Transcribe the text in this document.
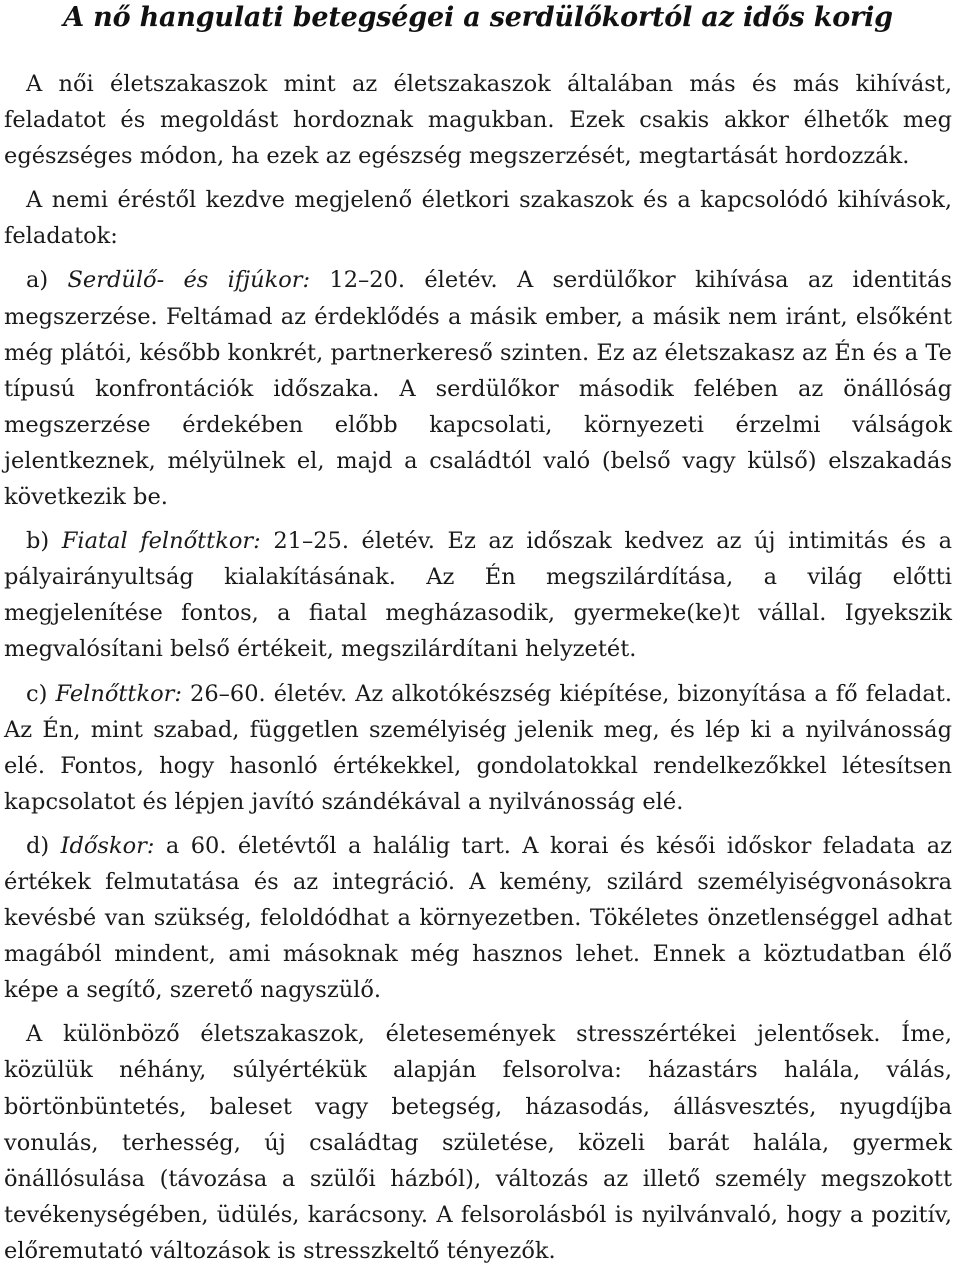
A nő hangulati betegségei a serdülőkortól az idős korig

A női életszakaszok mint az életszakaszok általában más és más kihívást, feladatot és megoldást hordoznak magukban. Ezek csakis akkor élhetők meg egészséges módon, ha ezek az egészség megszerzését, megtartását hordozzák.

A nemi éréstől kezdve megjelenő életkori szakaszok és a kapcsolódó kihívások, feladatok:

a) Serdülő- és ifjúkor: 12–20. életév. A serdülőkor kihívása az identitás megszerzése. Feltámad az érdeklődés a másik ember, a másik nem iránt, elsőként még plátói, később konkrét, partnerkereső szinten. Ez az életszakasz az Én és a Te típusú konfrontációk időszaka. A serdülőkor második felében az önállóság megszerzése érdekében előbb kapcsolati, környezeti érzelmi válságok jelentkeznek, mélyülnek el, majd a családtól való (belső vagy külső) elszakadás következik be.

b) Fiatal felnőttkor: 21–25. életév. Ez az időszak kedvez az új intimitás és a pályairányultság kialakításának. Az Én megszilárdítása, a világ előtti megjelenítése fontos, a fiatal megházasodik, gyermeke(ke)t vállal. Igyekszik megvalósítani belső értékeit, megszilárdítani helyzetét.

c) Felnőttkor: 26–60. életév. Az alkotókészség kiépítése, bizonyítása a fő feladat. Az Én, mint szabad, független személyiség jelenik meg, és lép ki a nyilvánosság elé. Fontos, hogy hasonló értékekkel, gondolatokkal rendelkezőkkel létesítsen kapcsolatot és lépjen javító szándékával a nyilvánosság elé.

d) Időskor: a 60. életévtől a halálig tart. A korai és késői időskor feladata az értékek felmutatása és az integráció. A kemény, szilárd személyiségvonásokra kevésbé van szükség, feloldódhat a környezetben. Tökéletes önzetlenséggel adhat magából mindent, ami másoknak még hasznos lehet. Ennek a köztudatban élő képe a segítő, szerető nagyszülő.

A különböző életszakaszok, életesemények stresszértékei jelentősek. Íme, közülük néhány, súlyértékük alapján felsorolva: házastárs halála, válás, börtönbüntetés, baleset vagy betegség, házasodás, állásvesztés, nyugdíjba vonulás, terhesség, új családtag születése, közeli barát halála, gyermek önállósulása (távozása a szülői házból), változás az illető személy megszokott tevékenységében, üdülés, karácsony. A felsorolásból is nyilvánvaló, hogy a pozitív, előremutató változások is stresszkeltő tényezők.
